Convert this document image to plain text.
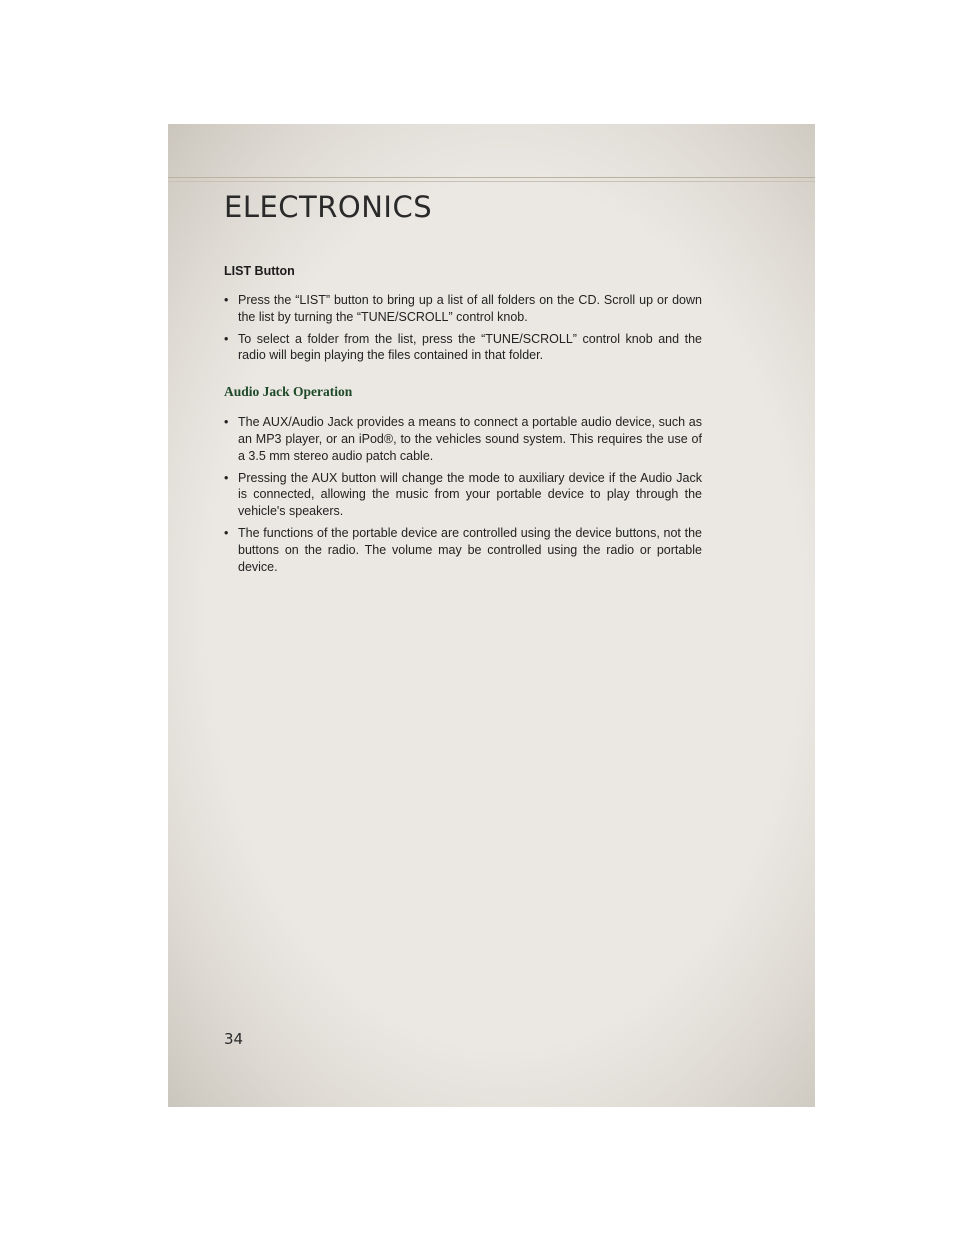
ELECTRONICS
LIST Button
• Press the “LIST” button to bring up a list of all folders on the CD. Scroll up or down the list by turning the “TUNE/SCROLL” control knob.
• To select a folder from the list, press the “TUNE/SCROLL” control knob and the radio will begin playing the files contained in that folder.
Audio Jack Operation
• The AUX/Audio Jack provides a means to connect a portable audio device, such as an MP3 player, or an iPod®, to the vehicles sound system. This requires the use of a 3.5 mm stereo audio patch cable.
• Pressing the AUX button will change the mode to auxiliary device if the Audio Jack is connected, allowing the music from your portable device to play through the vehicle's speakers.
• The functions of the portable device are controlled using the device buttons, not the buttons on the radio. The volume may be controlled using the radio or portable device.
34
